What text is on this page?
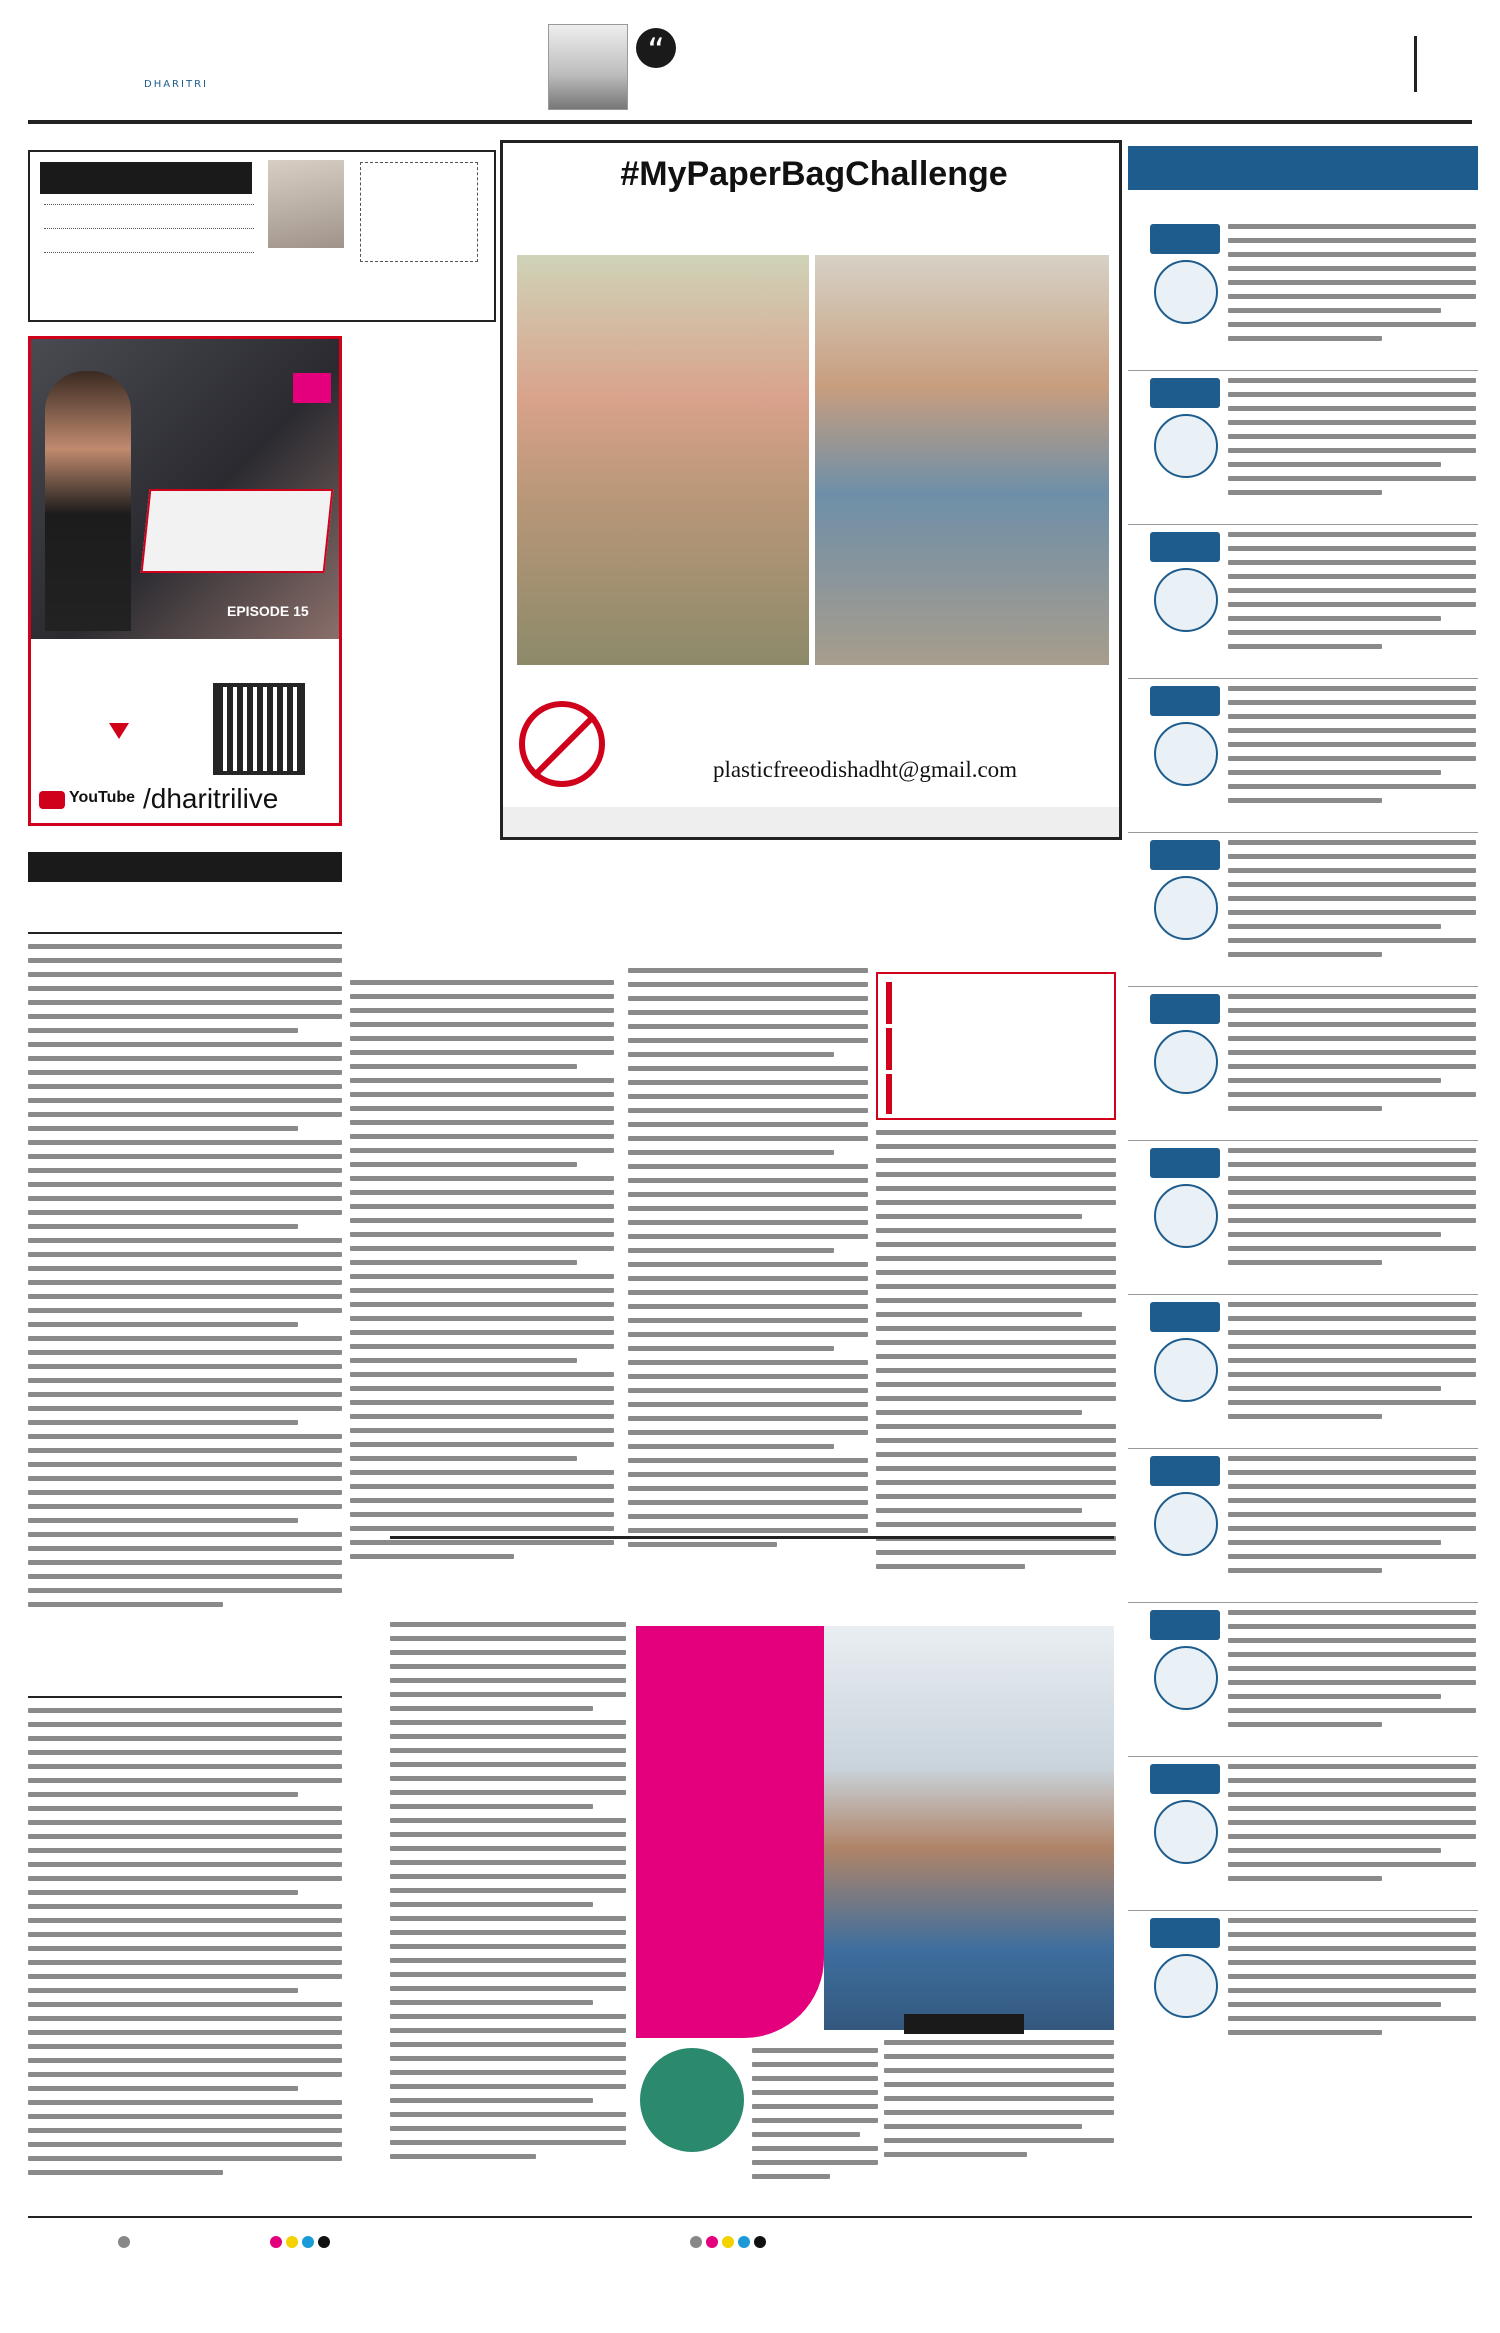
DHARITRI
“
EPISODE 15
YouTube /dharitrilive
#MyPaperBagChallenge
plasticfreeodishadht@gmail.com
